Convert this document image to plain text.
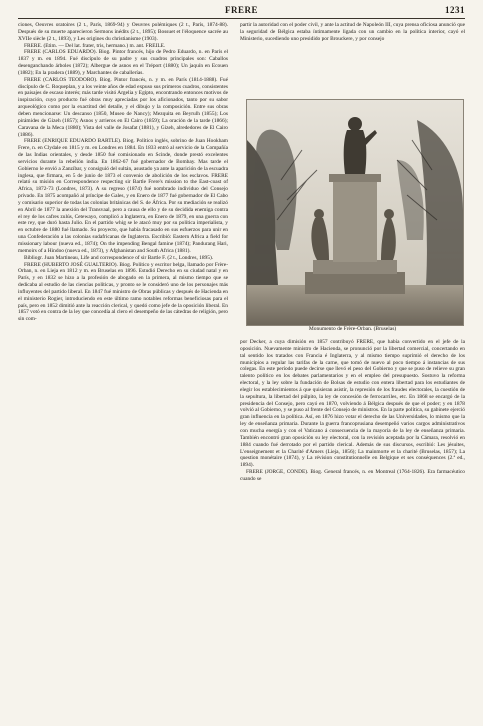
FRERE	1231

ciones, Oeuvres oratoires (2 t., París, 1869-94) y Oeuvres polémiques (2 t., París, 1874-88). Después de su muerte aparecieron Sermons inédits (2 t., 1895); Bossuet et l'éloquence sacrée au XVIIe siècle (2 t., 1893), y Les origines du christianisme (1903).

FRERE. (Etim. — Del lat. frater, tris, hermano.) m. ant. FREILE.

FRERE (CARLOS EDUARDO). Biog. Pintor francés, hijo de Pedro Eduardo, n. en París el 1837 y m. en 1894. Fué discípulo de su padre y sus cuadros principales son: Caballos desenganchando árboles (1872); Albergue de asnos en el Tréport (1880); Un jaquín en Ecouen (1882); En la pradera (1889), y Marchantes de caballerías.

FRERE (CARLOS TEODORO). Biog. Pintor francés, n. y m. en París (1814-1888). Fué discípulo de C. Roqueplan, y a los veinte años de edad expuso sus primeros cuadros, consistentes en paisajes de escaso interés; más tarde visitó Argelia y Egipto, encontrando entonces motivos de inspiración, cuyo producto fué obras muy apreciadas por los aficionados, tanto por su sabor arqueológico como por la exactitud del detalle, y el dibujo y la composición. Entre sus obras deben mencionarse: Un descanso (1850, Museo de Nancy); Mezquita en Beyrulh (1855); Los pirámides de Gizeh (1857); Asnos y arrieros en El Cairo (1859); La oración de la tarde (1866); Caravana de la Meca (1880); Vista del valle de Josafat (1881), y Gizeh, alrededores de El Cairo (1886).

FRERE (ENRIQUE EDUARDO BARTLE). Biog. Político inglés, sobrino de Juan Hookham Frere, n. en Clydale en 1815 y m. en Londres en 1884. En 1833 entró al servicio de la Compañía de las Indias orientales, y desde 1850 fué comisionado en Scinde, donde prestó excelentes servicios durante la rebelión india. En 1862-67 fué gobernador de Bombay. Mas tarde el Gobierno le envió a Zanzíbar, y consiguió del sultán, asustado ya ante la aparición de la escuadra inglesa, que firmara, en 5 de junio de 1873 el convenio de abolición de los esclavos. FRERE relató su misión en Correspondence respecting sir Bartle Frere's mission to the East-coast of Africa, 1872-73 (Londres, 1873). A su regreso (1874) fué nombrado individuo del Consejo privado. En 1875 acompañó al príncipe de Gales, y en Enero de 1877 fué gobernador de El Cabo y comisario superior de todas las colonias británicas del S. de África. Por su mediación se realizó en Abril de 1877 la anexión del Transvaal, pero a causa de ello y de su decidida enemiga contra el rey de los cafres zulús, Cetewayo, complicó a Inglaterra, en Enero de 1879, en una guerra con este rey, que duró hasta Julio. En el partido whig se le atacó muy por su política imperialista, y en octubre de 1880 fué llamado. Su proyecto, que había fracasado en sus esfuerzos para unir en una Confederación a las colonias sudafricanas de Inglaterra. Escribió: Eastern Africa a field for missionary labour (nueva ed., 1874); On the impending Bengal famine (1874); Pandurang Hari, memoirs of a Hindoo (nueva ed., 1873), y Afghanistan and South Africa (1881).

Bibliogr. Juan Martineau, Life and correspondence of sir Bartle F. (2 t., Londres, 1895).

FRERE (HUBERTO JOSÉ GUALTERIO). Biog. Político y escritor belga, llamado por Frère-Orban, n. en Lieja en 1812 y m. en Bruselas en 1896. Estudió Derecho en su ciudad natal y en París, y en 1832 se hizo a la profesión de abogado en la primera, al mismo tiempo que se dedicaba al estudio de las ciencias políticas, y pronto se le consideró uno de los personajes más influyentes del partido liberal. En 1847 fué ministro de Obras públicas y después de Hacienda en el ministerio Rogier, introduciendo en este último ramo notables reformas beneficiosas para el país, pero en 1852 dimitió ante la reacción clerical, y quedó como jefe de la oposición liberal. En 1857 votó en contra de la ley que concedía al clero el desempeño de las cátedras de religión, pero sin com-

partir la autoridad con el poder civil, y ante la actitud de Napoleón III, cuya prensa oficiosa anunció que la seguridad de Bélgica estaba íntimamente ligada con un cambio en la política interior, cayó el Ministerio, sucediendo uno presidido por Brouckere, y por consejo

Monumento de Frère-Orban. (Bruselas)

por Decker, a cuya dimisión en 1857 contribuyó FRERE, que había convertido en el jefe de la oposición. Nuevamente ministro de Hacienda, se pronunció por la libertad comercial, concertando en tal sentido los tratados con Francia é Inglaterra, y al mismo tiempo suprimió el derecho de los municipios a regular las tarifas de la carne, que tomó de nuevo al poco tiempo á instancias de sus colegas. En este período puede decirse que llevó el peso del Gobierno y que se puso de relieve su gran talento político en los debates parlamentarios y en el empleo del presupuesto. Sostuvo la reforma electoral, y la ley sobre la fundación de Bolsas de estudio con entera libertad para los estudiantes de elegir los establecimientos á que quisieran asistir, la represión de los fraudes electorales, la cuestión de la sepultura, la libertad del púlpito, la ley de concesión de ferrocarriles, etc. En 1868 se encargó de la presidencia del Consejo, pero cayó en 1870, volviendo á Bélgica después de que el poder; y en 1878 volvió al Gobierno, y se puso al frente del Consejo de ministros. En la parte política, su gabinete ejerció gran influencia en la política. Así, en 1876 hizo votar el derecho de las Universidades, lo mismo que la ley de enseñanza primaria. Durante la guerra francoprusiana desempeñó varios cargos administrativos con mucha energía y con el Vaticano á consecuencia de la mayoría de la ley de enseñanza primaria. También encontró gran oposición su ley electoral, con la revisión aceptada por la Cámara, resolvió en 1884 cuando fué derrotado por el partido clerical. Además de sus discursos, escribió: Les jésuites, L'enseignement et la Charité d'Amers (Lieja, 1856); La mainmorte et la charité (Bruselas, 1857); La question monétaire (1874), y La révision constitutionnelle en Belgique et ses conséquences (2.ª ed., 1894).

FRERE (JORGE, CONDE). Biog. General francés, n. en Montreal (1764-1826). Era farmacéutico cuando se
